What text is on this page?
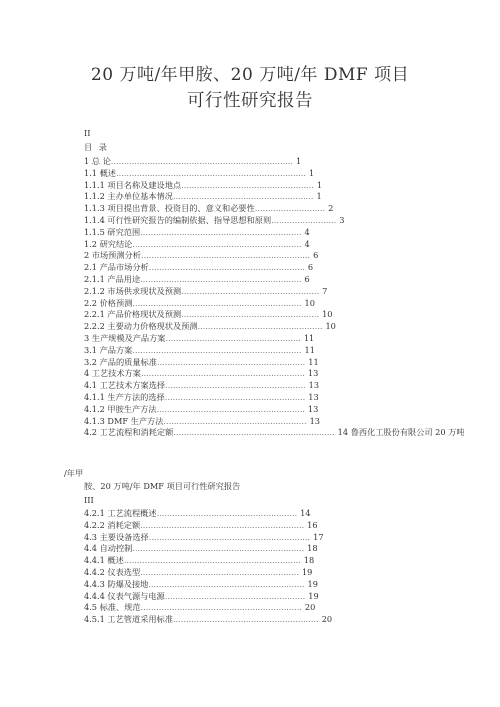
20 万吨/年甲胺、20 万吨/年 DMF 项目
可行性研究报告
II
目 录
1 总 论...................................................................... 1
1.1 概述......................................................................... 1
1.1.1 项目名称及建设地点................................................... 1
1.1.2 主办单位基本情况...................................................... 1
1.1.3 项目提出背景、投资目的、意义和必要性........................... 2
1.1.4 可行性研究报告的编制依据、指导思想和原则......................... 3
1.1.5 研究范围.............................................................. 4
1.2 研究结论................................................................. 4
2 市场预测分析................................................................. 6
2.1 产品市场分析............................................................ 6
2.1.1 产品用途.............................................................. 6
2.1.2 市场供求现状及预测..................................................... 7
2.2 价格预测................................................................. 10
2.2.1 产品价格现状及预测..................................................... 10
2.2.2 主要动力价格现状及预测................................................ 10
3 生产规模及产品方案.................................................... 11
3.1 产品方案................................................................. 11
3.2 产品的质量标准......................................................... 11
4 工艺技术方案............................................................... 13
4.1 工艺技术方案选择...................................................... 13
4.1.1 生产方法的选择...................................................... 13
4.1.2 甲胺生产方法......................................................... 13
4.1.3 DMF 生产方法....................................................... 13
4.2 工艺流程和消耗定额.............................................................. 14 鲁西化工股份有限公司 20 万吨
/年甲
胺、20 万吨/年 DMF 项目可行性研究报告
III
4.2.1 工艺流程概述...................................................... 14
4.2.2 消耗定额............................................................... 16
4.3 主要设备选择.............................................................. 17
4.4 自动控制.................................................................. 18
4.4.1 概述.................................................................... 18
4.4.2 仪表选型............................................................. 19
4.4.3 防爆及接地............................................................ 19
4.4.4 仪表气源与电源...................................................... 19
4.5 标准、规范.............................................................. 20
4.5.1 工艺管道采用标准........................................................ 20
